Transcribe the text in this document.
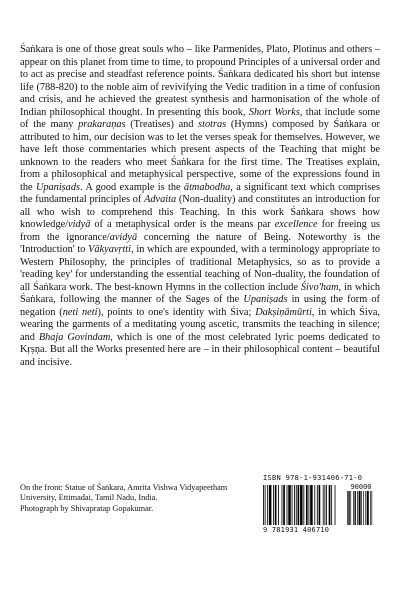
Śaṅkara is one of those great souls who – like Parmenides, Plato, Plotinus and others – appear on this planet from time to time, to propound Principles of a universal order and to act as precise and steadfast reference points. Śaṅkara dedicated his short but intense life (788-820) to the noble aim of revivifying the Vedic tradition in a time of confusion and crisis, and he achieved the greatest synthesis and harmonisation of the whole of Indian philosophical thought. In presenting this book, Short Works, that include some of the many prakaraṇas (Treatises) and stotras (Hymns) composed by Śaṅkara or attributed to him, our decision was to let the verses speak for themselves. However, we have left those commentaries which present aspects of the Teaching that might be unknown to the readers who meet Śaṅkara for the first time. The Treatises explain, from a philosophical and metaphysical perspective, some of the expressions found in the Upaniṣads. A good example is the ātmabodha, a significant text which comprises the fundamental principles of Advaita (Non-duality) and constitutes an introduction for all who wish to comprehend this Teaching. In this work Śaṅkara shows how knowledge/vidyā of a metaphysical order is the means par excellence for freeing us from the ignorance/avidyā concerning the nature of Being. Noteworthy is the 'Introduction' to Vākyavṛtti, in which are expounded, with a terminology appropriate to Western Philosophy, the principles of traditional Metaphysics, so as to provide a 'reading key' for understanding the essential teaching of Non-duality, the foundation of all Śaṅkara work. The best-known Hymns in the collection include Śivo'ham, in which Śaṅkara, following the manner of the Sages of the Upaniṣads in using the form of negation (neti neti), points to one's identity with Śiva; Dakṣiṇāmūrti, in which Śiva, wearing the garments of a meditating young ascetic, transmits the teaching in silence; and Bhaja Govindam, which is one of the most celebrated lyric poems dedicated to Kṛṣṇa. But all the Works presented here are – in their philosophical content – beautiful and incisive.

On the front: Statue of Śaṅkara, Amrita Vishwa Vidyapeetham University, Ettimadai, Tamil Nadu, India.
Photograph by Shivapratap Gopakumar.
ISBN 978-1-931406-71-0
90000
9 781931 406710
